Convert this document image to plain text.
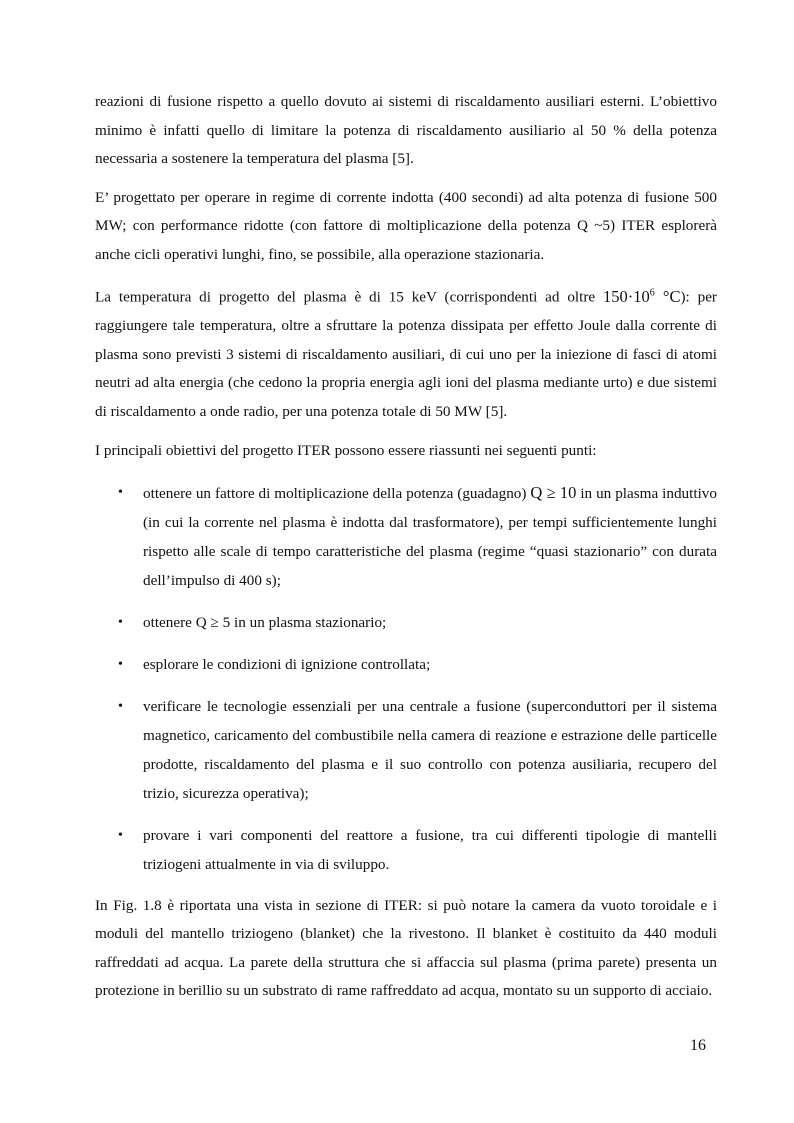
reazioni di fusione rispetto a quello dovuto ai sistemi di riscaldamento ausiliari esterni. L’obiettivo minimo è infatti quello di limitare la potenza di riscaldamento ausiliario al 50 % della potenza necessaria a sostenere la temperatura del plasma [5].

E’ progettato per operare in regime di corrente indotta (400 secondi) ad alta potenza di fusione 500 MW; con performance ridotte (con fattore di moltiplicazione della potenza Q ~5) ITER esplorerà anche cicli operativi lunghi, fino, se possibile, alla operazione stazionaria.

La temperatura di progetto del plasma è di 15 keV (corrispondenti ad oltre $150\cdot 10^6$ °C): per raggiungere tale temperatura, oltre a sfruttare la potenza dissipata per effetto Joule dalla corrente di plasma sono previsti 3 sistemi di riscaldamento ausiliari, di cui uno per la iniezione di fasci di atomi neutri ad alta energia (che cedono la propria energia agli ioni del plasma mediante urto) e due sistemi di riscaldamento a onde radio, per una potenza totale di 50 MW [5].

I principali obiettivi del progetto ITER possono essere riassunti nei seguenti punti:

• ottenere un fattore di moltiplicazione della potenza (guadagno) Q ≥ 10 in un plasma induttivo (in cui la corrente nel plasma è indotta dal trasformatore), per tempi sufficientemente lunghi rispetto alle scale di tempo caratteristiche del plasma (regime “quasi stazionario” con durata dell’impulso di 400 s);
• ottenere Q ≥ 5 in un plasma stazionario;
• esplorare le condizioni di ignizione controllata;
• verificare le tecnologie essenziali per una centrale a fusione (superconduttori per il sistema magnetico, caricamento del combustibile nella camera di reazione e estrazione delle particelle prodotte, riscaldamento del plasma e il suo controllo con potenza ausiliaria, recupero del trizio, sicurezza operativa);
• provare i vari componenti del reattore a fusione, tra cui differenti tipologie di mantelli triziogeni attualmente in via di sviluppo.

In Fig. 1.8 è riportata una vista in sezione di ITER: si può notare la camera da vuoto toroidale e i moduli del mantello triziogeno (blanket) che la rivestono. Il blanket è costituito da 440 moduli raffreddati ad acqua. La parete della struttura che si affaccia sul plasma (prima parete) presenta un protezione in berillio su un substrato di rame raffreddato ad acqua, montato su un supporto di acciaio.

16
